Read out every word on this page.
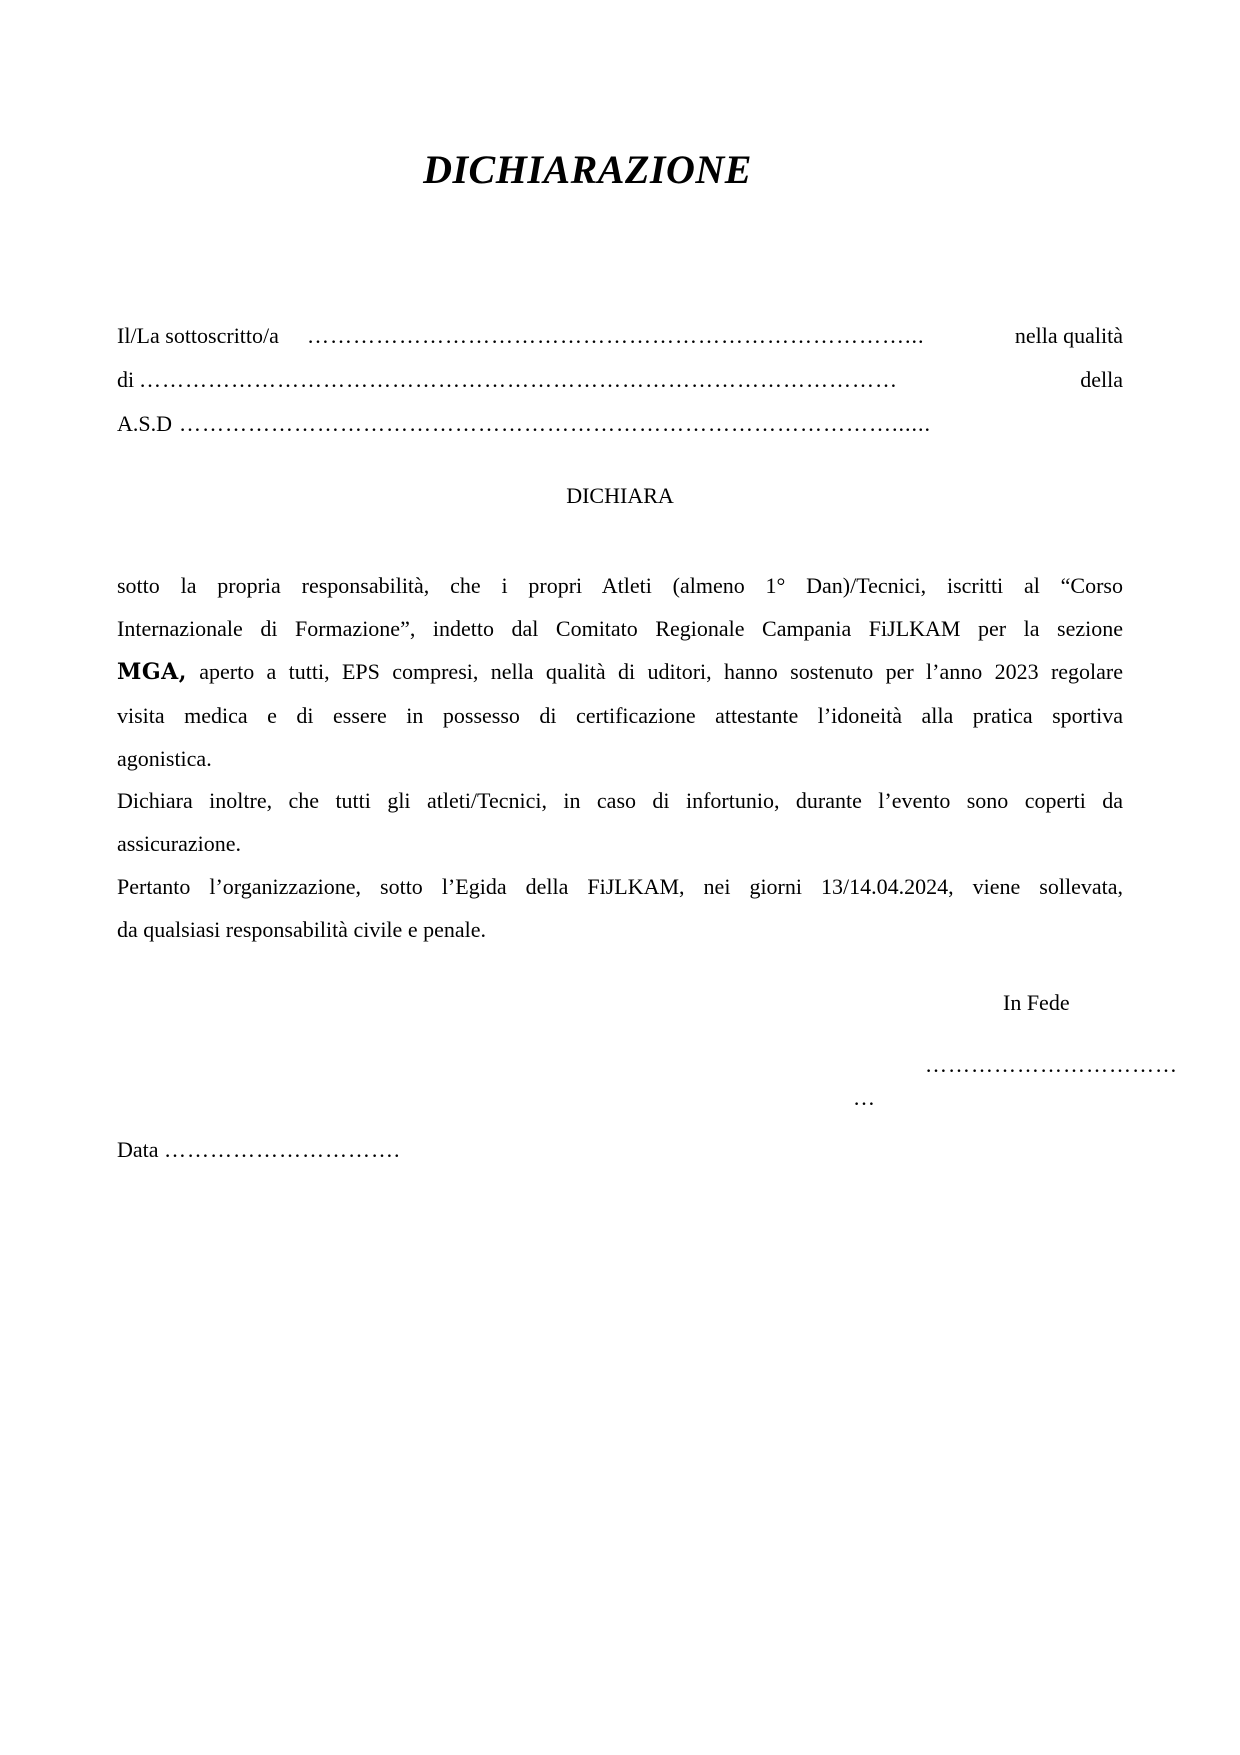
DICHIARAZIONE
Il/La sottoscritto/a ……………………………………………………………………...	nella qualità
di ………………………………………………………………………………………	della
A.S.D …………………………………………………………………………………......
DICHIARA
sotto la propria responsabilità, che i propri Atleti (almeno 1° Dan)/Tecnici, iscritti al “Corso
Internazionale di Formazione”, indetto dal Comitato Regionale Campania FiJLKAM per la sezione
MGA, aperto a tutti, EPS compresi, nella qualità di uditori, hanno sostenuto per l’anno 2023 regolare
visita medica e di essere in possesso di certificazione attestante l’idoneità alla pratica sportiva
agonistica.
Dichiara inoltre, che tutti gli atleti/Tecnici, in caso di infortunio, durante l’evento sono coperti da
assicurazione.
Pertanto l’organizzazione, sotto l’Egida della FiJLKAM, nei giorni 13/14.04.2024, viene sollevata,
da qualsiasi responsabilità civile e penale.
In Fede
……………………………
…
Data ………………………….
